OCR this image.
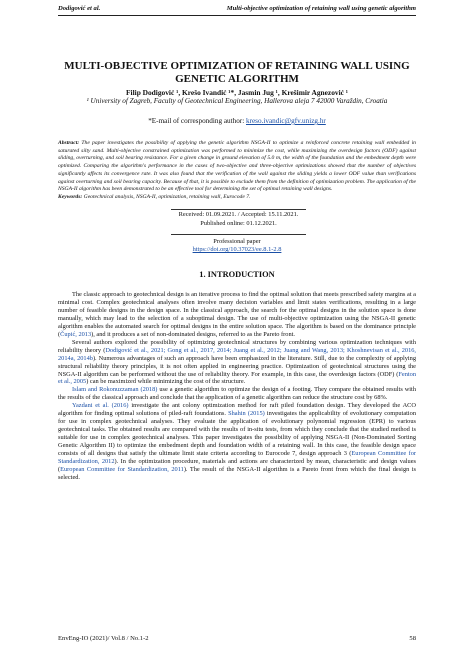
Dodigović et al.	Multi-objective optimization of retaining wall using genetic algorithm
MULTI-OBJECTIVE OPTIMIZATION OF RETAINING WALL USING
GENETIC ALGORITHM
Filip Dodigović ¹, Krešo Ivandić ¹*, Jasmin Jug ¹, Krešimir Agnezović ¹
¹ University of Zagreb, Faculty of Geotechnical Engineering, Hallerova aleja 7 42000 Varaždin, Croatia
*E-mail of corresponding author: kreso.ivandic@gfv.unizg.hr
Abstract: The paper investigates the possibility of applying the genetic algorithm NSGA-II to optimize a reinforced concrete retaining wall embedded in saturated silty sand. Multi-objective constrained optimization was performed to minimize the cost, while maximizing the overdesign factors (ODF) against sliding, overturning, and soil bearing resistance. For a given change in ground elevation of 5.0 m, the width of the foundation and the embedment depth were optimized. Comparing the algorithm's performance in the cases of two-objective and three-objective optimizations showed that the number of objectives significantly affects its convergence rate. It was also found that the verification of the wall against the sliding yields a lower ODF value than verifications against overturning and soil bearing capacity. Because of that, it is possible to exclude them from the definition of optimization problem. The application of the NSGA-II algorithm has been demonstrated to be an effective tool for determining the set of optimal retaining wall designs.
Keywords: Geotechnical analysis, NSGA-II, optimization, retaining wall, Eurocode 7.
Received: 01.09.2021. / Accepted: 15.11.2021.
Published online: 01.12.2021.
Professional paper
https://doi.org/10.37023/ee.8.1-2.8
1. INTRODUCTION

The classic approach to geotechnical design is an iterative process to find the optimal solution that meets prescribed safety margins at a minimal cost. Complex geotechnical analyses often involve many decision variables and limit states verifications, resulting in a large number of feasible designs in the design space. In the classical approach, the search for the optimal designs in the solution space is done manually, which may lead to the selection of a suboptimal design. The use of multi-objective optimization using the NSGA-II genetic algorithm enables the automated search for optimal designs in the entire solution space. The algorithm is based on the dominance principle (Čupić, 2013), and it produces a set of non-dominated designs, referred to as the Pareto front.

Several authors explored the possibility of optimizing geotechnical structures by combining various optimization techniques with reliability theory (Dodigović et al., 2021; Gong et al., 2017, 2014; Juang et al., 2012; Juang and Wang, 2013; Khoshnevisan et al., 2016, 2014a, 2014b). Numerous advantages of such an approach have been emphasized in the literature. Still, due to the complexity of applying structural reliability theory principles, it is not often applied in engineering practice. Optimization of geotechnical structures using the NSGA-II algorithm can be performed without the use of reliability theory. For example, in this case, the overdesign factors (ODF) (Fenton et al., 2005) can be maximized while minimizing the cost of the structure.

Islam and Rokonuzzaman (2018) use a genetic algorithm to optimize the design of a footing. They compare the obtained results with the results of the classical approach and conclude that the application of a genetic algorithm can reduce the structure cost by 68%.

Yazdani et al. (2016) investigate the ant colony optimization method for raft piled foundation design. They developed the ACO algorithm for finding optimal solutions of piled-raft foundations. Shahin (2015) investigates the applicability of evolutionary computation for use in complex geotechnical analyses. They evaluate the application of evolutionary polynomial regression (EPR) to various geotechnical tasks. The obtained results are compared with the results of in-situ tests, from which they conclude that the studied method is suitable for use in complex geotechnical analyses. This paper investigates the possibility of applying NSGA-II (Non-Dominated Sorting Genetic Algorithm II) to optimize the embedment depth and foundation width of a retaining wall. In this case, the feasible design space consists of all designs that satisfy the ultimate limit state criteria according to Eurocode 7, design approach 3 (European Committee for Standardization, 2012). In the optimization procedure, materials and actions are characterized by mean, characteristic and design values (European Committee for Standardization, 2011). The result of the NSGA-II algorithm is a Pareto front from which the final design is selected.

EnvEng-IO (2021)/ Vol.8 / No.1-2	58
